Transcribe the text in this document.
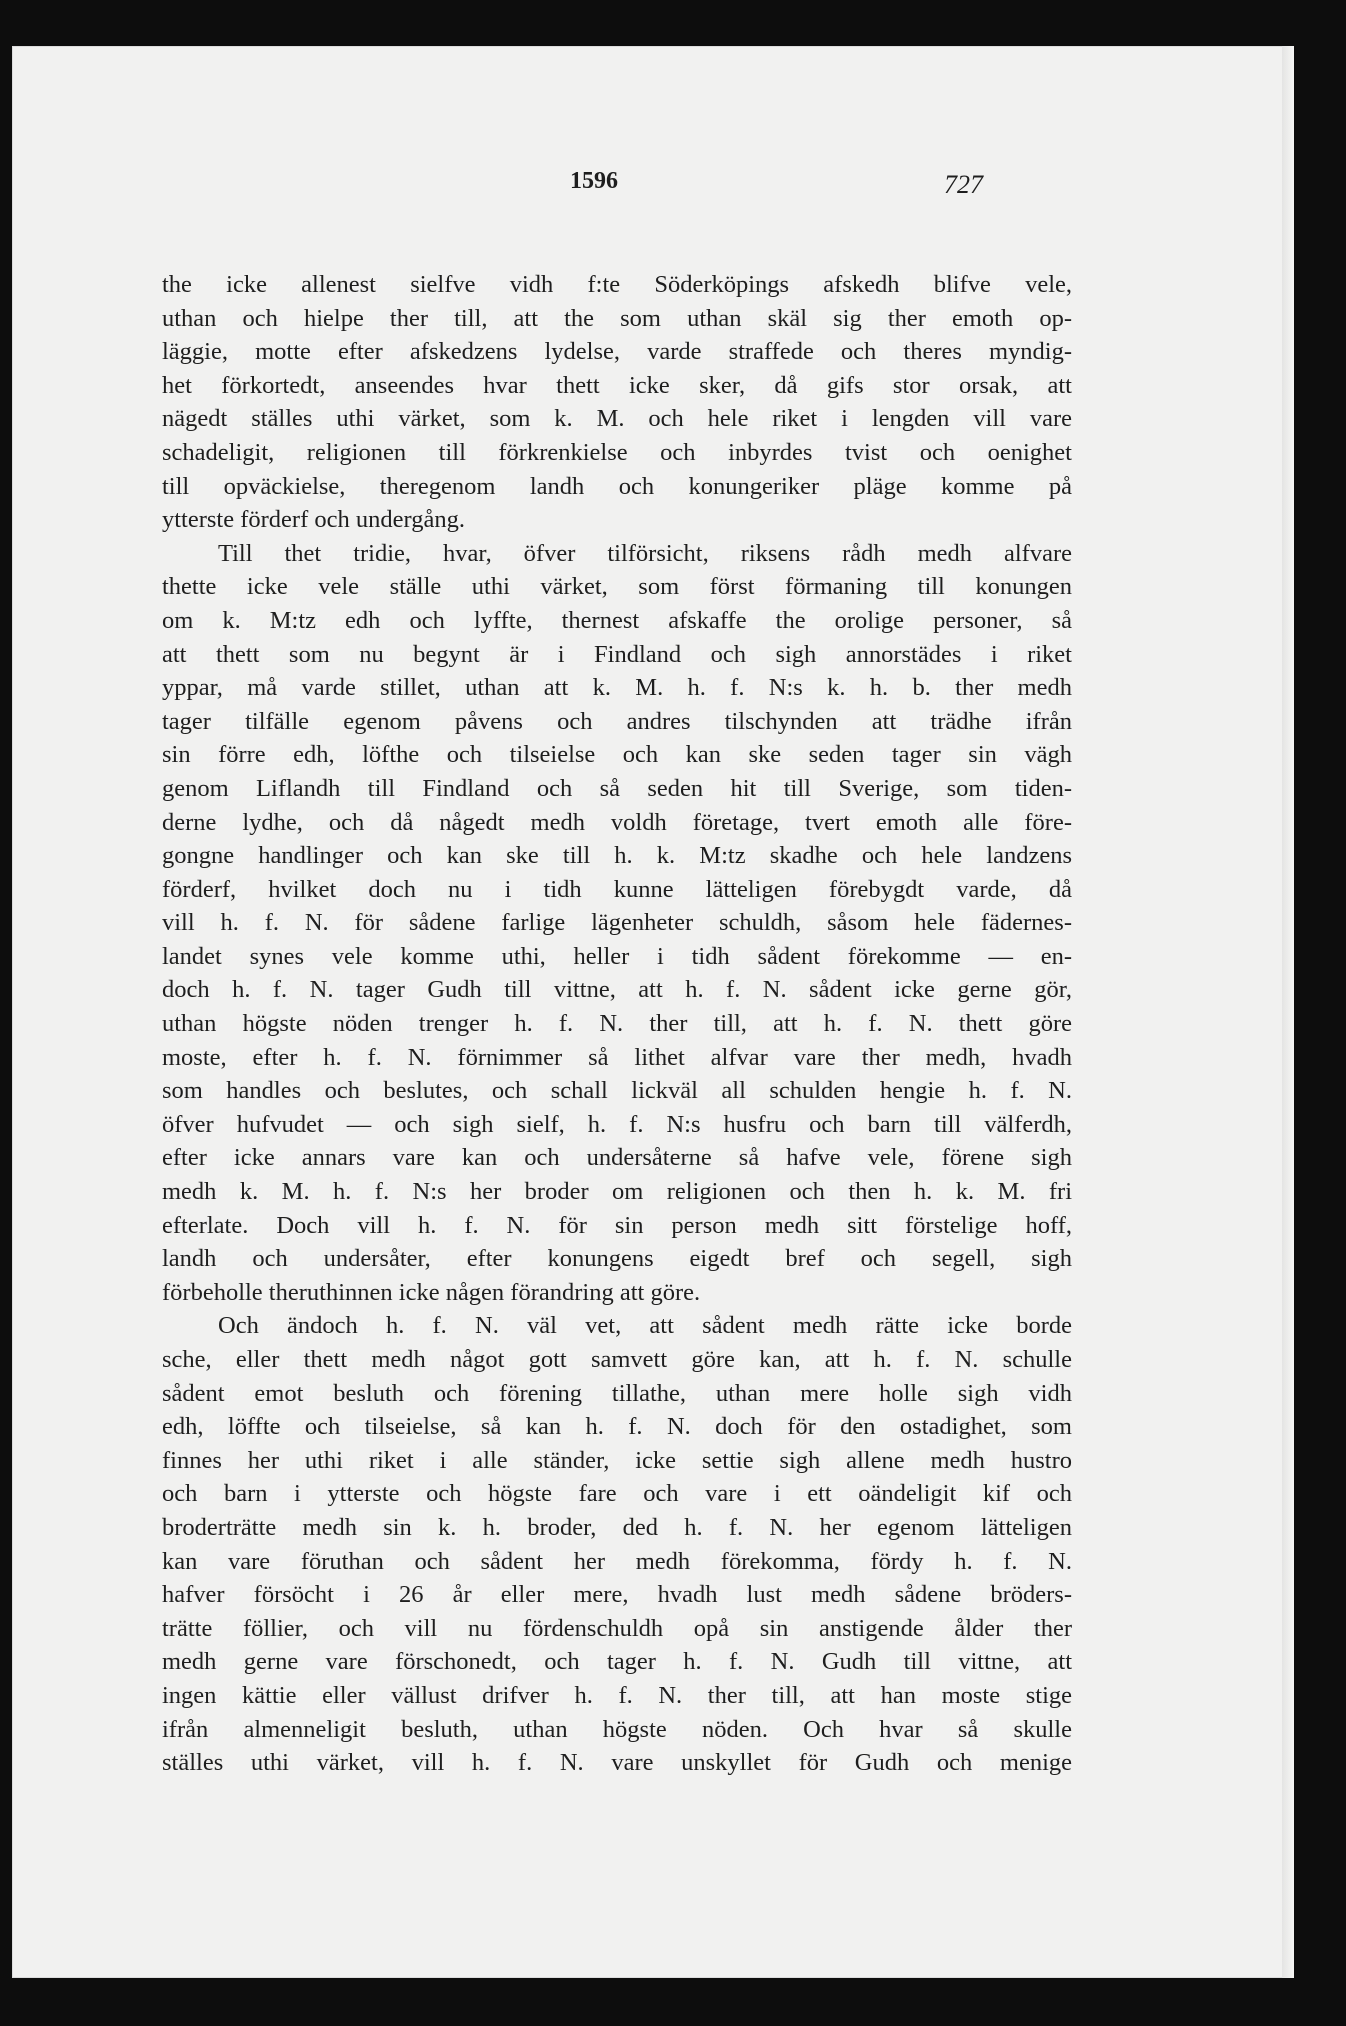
1596	727
the icke allenest sielfve vidh f:te Söderköpings afskedh blifve vele,
uthan och hielpe ther till, att the som uthan skäl sig ther emoth op-
läggie, motte efter afskedzens lydelse, varde straffede och theres myndig-
het förkortedt, anseendes hvar thett icke sker, då gifs stor orsak, att
nägedt ställes uthi värket, som k. M. och hele riket i lengden vill vare
schadeligit, religionen till förkrenkielse och inbyrdes tvist och oenighet
till opväckielse, theregenom landh och konungeriker pläge komme på
ytterste förderf och undergång.
Till thet tridie, hvar, öfver tilförsicht, riksens rådh medh alfvare
thette icke vele ställe uthi värket, som först förmaning till konungen
om k. M:tz edh och lyffte, thernest afskaffe the orolige personer, så
att thett som nu begynt är i Findland och sigh annorstädes i riket
yppar, må varde stillet, uthan att k. M. h. f. N:s k. h. b. ther medh
tager tilfälle egenom påvens och andres tilschynden att trädhe ifrån
sin förre edh, löfthe och tilseielse och kan ske seden tager sin vägh
genom Liflandh till Findland och så seden hit till Sverige, som tiden-
derne lydhe, och då någedt medh voldh företage, tvert emoth alle före-
gongne handlinger och kan ske till h. k. M:tz skadhe och hele landzens
förderf, hvilket doch nu i tidh kunne lätteligen förebygdt varde, då
vill h. f. N. för sådene farlige lägenheter schuldh, såsom hele fädernes-
landet synes vele komme uthi, heller i tidh sådent förekomme — en-
doch h. f. N. tager Gudh till vittne, att h. f. N. sådent icke gerne gör,
uthan högste nöden trenger h. f. N. ther till, att h. f. N. thett göre
moste, efter h. f. N. förnimmer så lithet alfvar vare ther medh, hvadh
som handles och beslutes, och schall lickväl all schulden hengie h. f. N.
öfver hufvudet — och sigh sielf, h. f. N:s husfru och barn till välferdh,
efter icke annars vare kan och undersåterne så hafve vele, förene sigh
medh k. M. h. f. N:s her broder om religionen och then h. k. M. fri
efterlate. Doch vill h. f. N. för sin person medh sitt förstelige hoff,
landh och undersåter, efter konungens eigedt bref och segell, sigh
förbeholle theruthinnen icke någen förandring att göre.
Och ändoch h. f. N. väl vet, att sådent medh rätte icke borde
sche, eller thett medh något gott samvett göre kan, att h. f. N. schulle
sådent emot besluth och förening tillathe, uthan mere holle sigh vidh
edh, löffte och tilseielse, så kan h. f. N. doch för den ostadighet, som
finnes her uthi riket i alle ständer, icke settie sigh allene medh hustro
och barn i ytterste och högste fare och vare i ett oändeligit kif och
broderträtte medh sin k. h. broder, ded h. f. N. her egenom lätteligen
kan vare föruthan och sådent her medh förekomma, fördy h. f. N.
hafver försöcht i 26 år eller mere, hvadh lust medh sådene bröders-
trätte föllier, och vill nu fördenschuldh opå sin anstigende ålder ther
medh gerne vare förschonedt, och tager h. f. N. Gudh till vittne, att
ingen kättie eller vällust drifver h. f. N. ther till, att han moste stige
ifrån almenneligit besluth, uthan högste nöden. Och hvar så skulle
ställes uthi värket, vill h. f. N. vare unskyllet för Gudh och menige
